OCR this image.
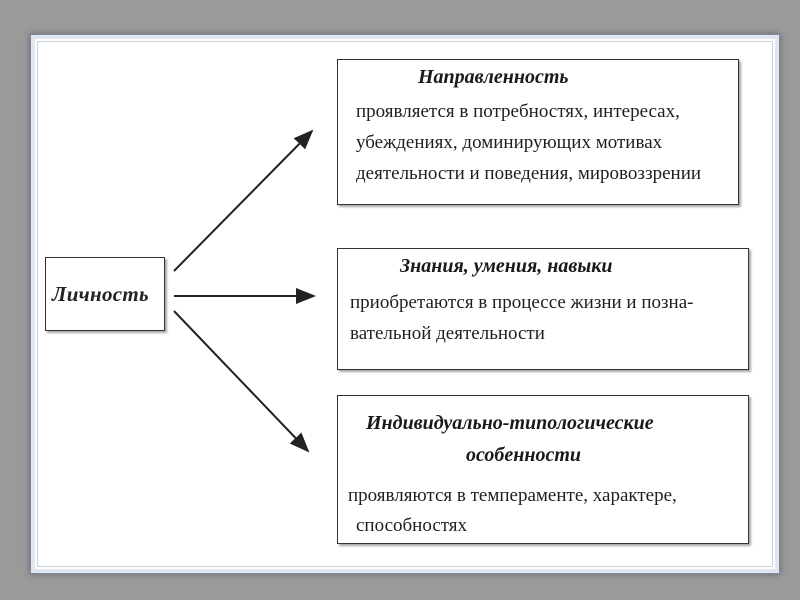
Личность
Направленность
проявляется в потребностях, интересах,
убеждениях, доминирующих мотивах
деятельности и поведения, мировоззрении
Знания, умения, навыки
приобретаются в процессе жизни и позна-
вательной деятельности
Индивидуально-типологические
особенности
проявляются в темпераменте, характере,
способностях
